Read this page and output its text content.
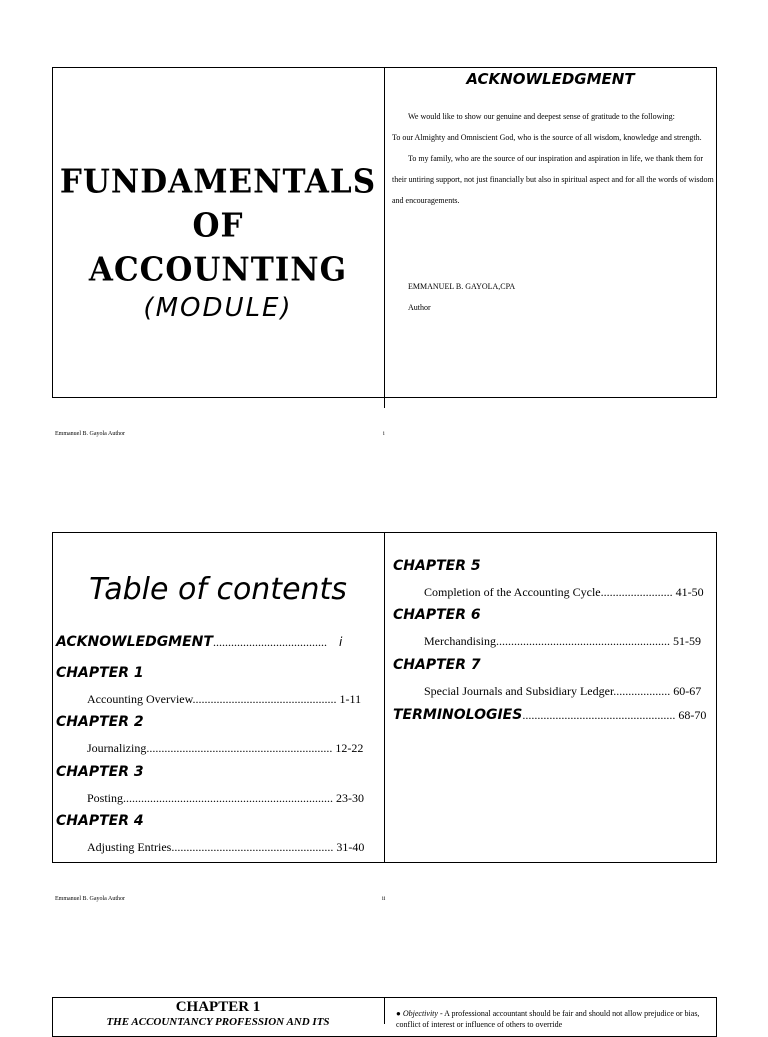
FUNDAMENTALS
OF
ACCOUNTING
(MODULE)
ACKNOWLEDGMENT

We would like to show our genuine and deepest sense of gratitude to the following:

To our Almighty and Omniscient God, who is the source of all wisdom, knowledge and strength.

To my family, who are the source of our inspiration and aspiration in life, we thank them for their untiring support, not just financially but also in spiritual aspect and for all the words of wisdom and encouragements.

EMMANUEL B. GAYOLA,CPA
Author
Emmanuel B. Gayola Author	i
Table of contents
ACKNOWLEDGMENT...................................... i
CHAPTER 1
Accounting Overview................................................ 1-11
CHAPTER 2
Journalizing.............................................................. 12-22
CHAPTER 3
Posting...................................................................... 23-30
CHAPTER 4
Adjusting Entries...................................................... 31-40
CHAPTER 5
Completion of the Accounting Cycle........................ 41-50
CHAPTER 6
Merchandising.......................................................... 51-59
CHAPTER 7
Special Journals and Subsidiary Ledger................... 60-67
TERMINOLOGIES................................................... 68-70
Emmanuel B. Gayola Author	ii
CHAPTER 1
THE ACCOUNTANCY PROFESSION AND ITS
● Objectivity - A professional accountant should be fair and should not allow prejudice or bias, conflict of interest or influence of others to override
